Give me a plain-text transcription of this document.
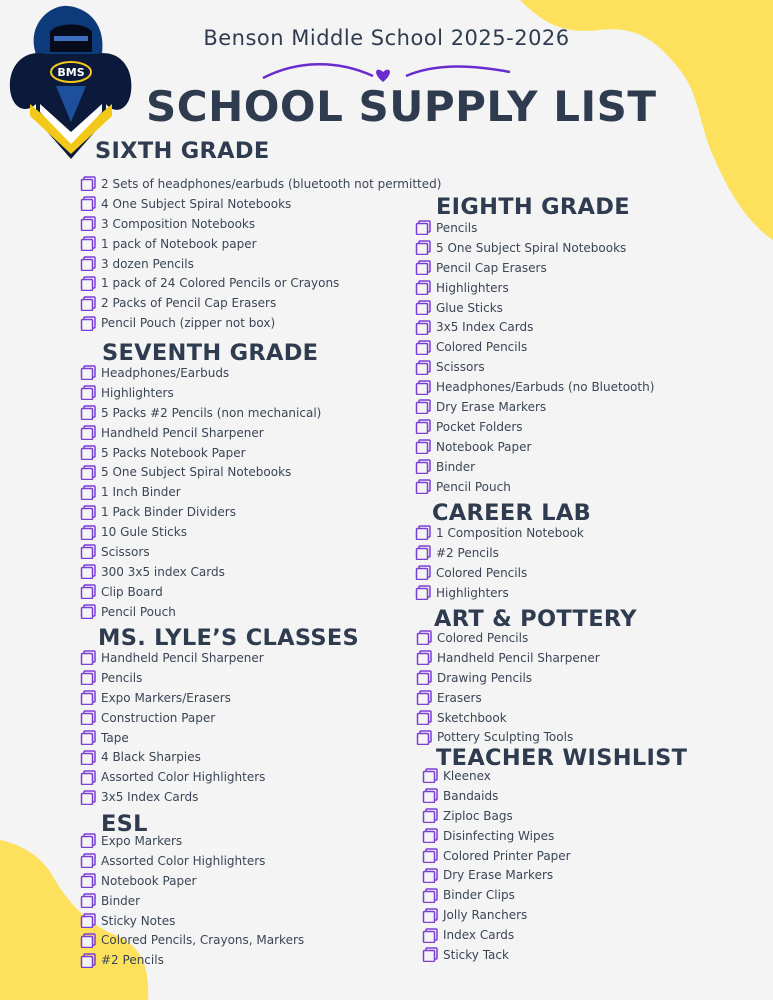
BMS
Benson Middle School 2025-2026
SCHOOL SUPPLY LIST
SIXTH GRADE
2 Sets of headphones/earbuds (bluetooth not permitted)
4 One Subject Spiral Notebooks
3 Composition Notebooks
1 pack of Notebook paper
3 dozen Pencils
1 pack of 24 Colored Pencils or Crayons
2 Packs of Pencil Cap Erasers
Pencil Pouch (zipper not box)
SEVENTH GRADE
Headphones/Earbuds
Highlighters
5 Packs #2 Pencils (non mechanical)
Handheld Pencil Sharpener
5 Packs Notebook Paper
5 One Subject Spiral Notebooks
1 Inch Binder
1 Pack Binder Dividers
10 Gule Sticks
Scissors
300 3x5 index Cards
Clip Board
Pencil Pouch
MS. LYLE’S CLASSES
Handheld Pencil Sharpener
Pencils
Expo Markers/Erasers
Construction Paper
Tape
4 Black Sharpies
Assorted Color Highlighters
3x5 Index Cards
ESL
Expo Markers
Assorted Color Highlighters
Notebook Paper
Binder
Sticky Notes
Colored Pencils, Crayons, Markers
#2 Pencils
EIGHTH GRADE
Pencils
5 One Subject Spiral Notebooks
Pencil Cap Erasers
Highlighters
Glue Sticks
3x5 Index Cards
Colored Pencils
Scissors
Headphones/Earbuds (no Bluetooth)
Dry Erase Markers
Pocket Folders
Notebook Paper
Binder
Pencil Pouch
CAREER LAB
1 Composition Notebook
#2 Pencils
Colored Pencils
Highlighters
ART & POTTERY
Colored Pencils
Handheld Pencil Sharpener
Drawing Pencils
Erasers
Sketchbook
Pottery Sculpting Tools
TEACHER WISHLIST
Kleenex
Bandaids
Ziploc Bags
Disinfecting Wipes
Colored Printer Paper
Dry Erase Markers
Binder Clips
Jolly Ranchers
Index Cards
Sticky Tack
